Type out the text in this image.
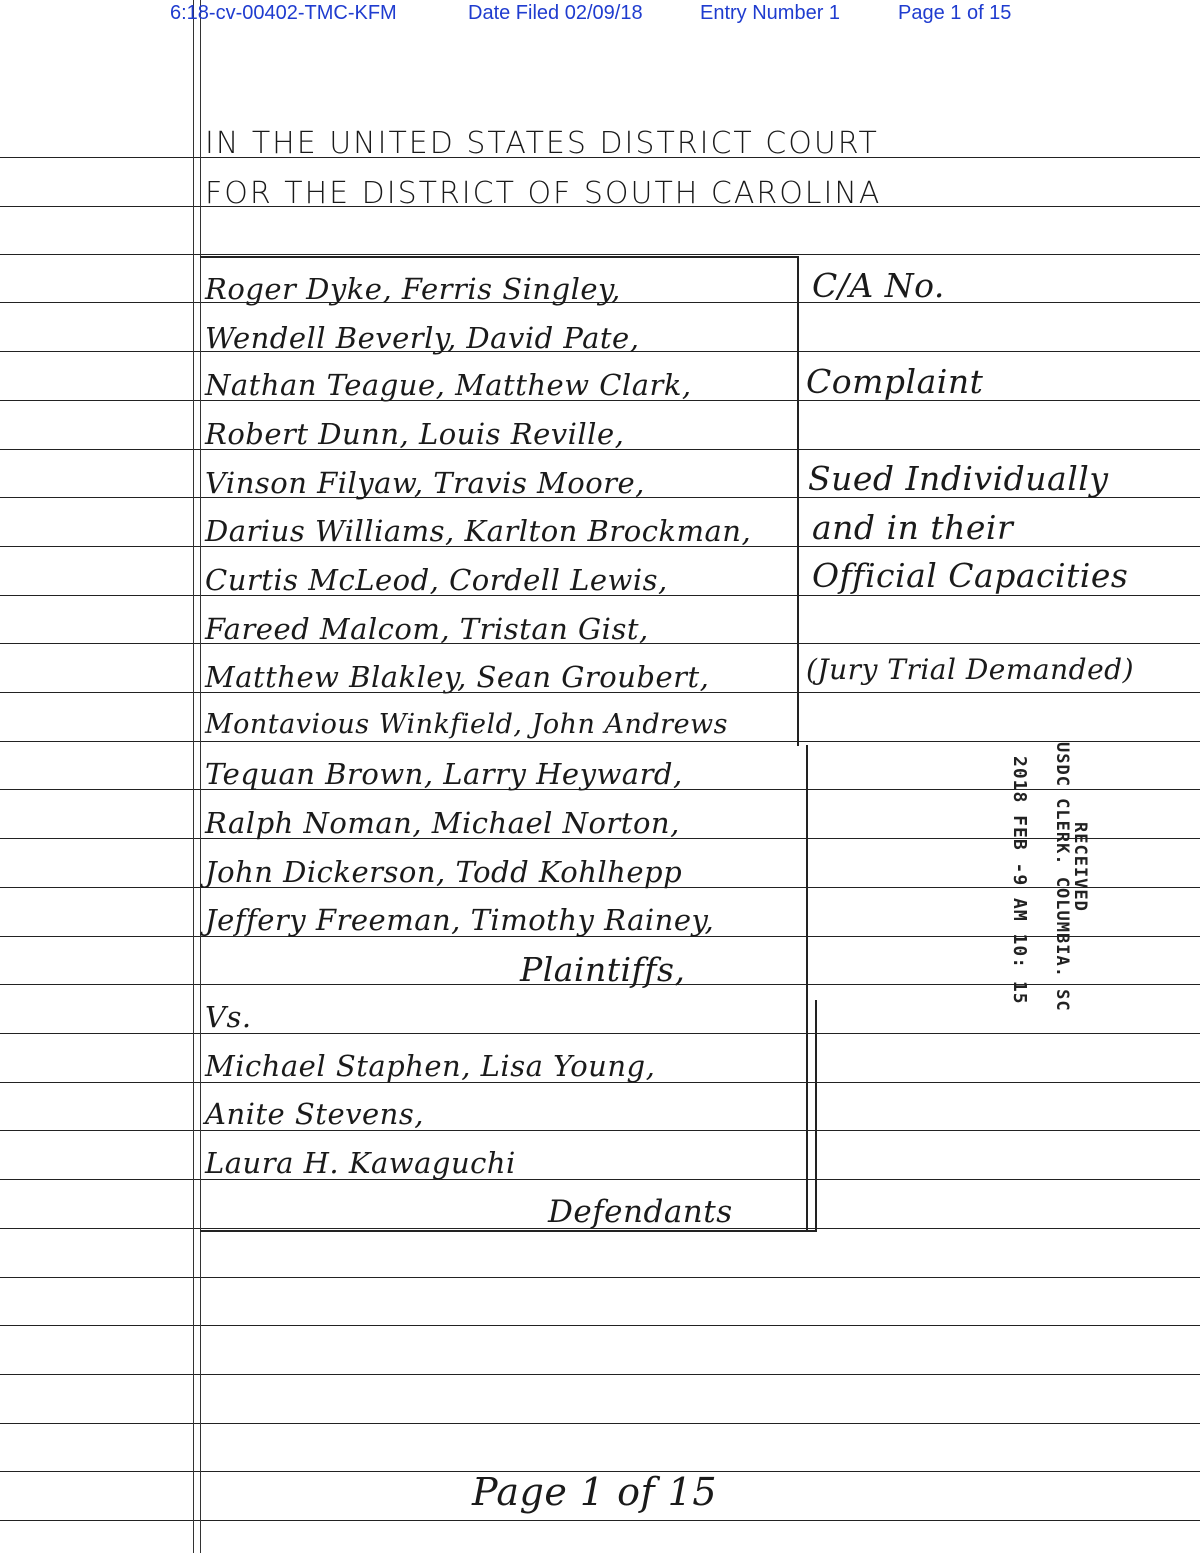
6:18-cv-00402-TMC-KFM	Date Filed 02/09/18	Entry Number 1	Page 1 of 15
IN THE UNITED STATES DISTRICT COURT
FOR THE DISTRICT OF SOUTH CAROLINA
Roger Dyke, Ferris Singley,
Wendell Beverly, David Pate,
Nathan Teague, Matthew Clark,
Robert Dunn, Louis Reville,
Vinson Filyaw, Travis Moore,
Darius Williams, Karlton Brockman,
Curtis McLeod, Cordell Lewis,
Fareed Malcom, Tristan Gist,
Matthew Blakley, Sean Groubert,
Montavious Winkfield, John Andrews
Tequan Brown, Larry Heyward,
Ralph Noman, Michael Norton,
John Dickerson, Todd Kohlhepp
Jeffery Freeman, Timothy Rainey,
Plaintiffs,
Vs.
Michael Staphen, Lisa Young,
Anite Stevens,
Laura H. Kawaguchi
Defendants
C/A No.
Complaint
Sued Individually
and in their
Official Capacities
(Jury Trial Demanded)
RECEIVED
USDC CLERK. COLUMBIA. SC
2018 FEB -9 AM 10: 15
Page 1 of 15
